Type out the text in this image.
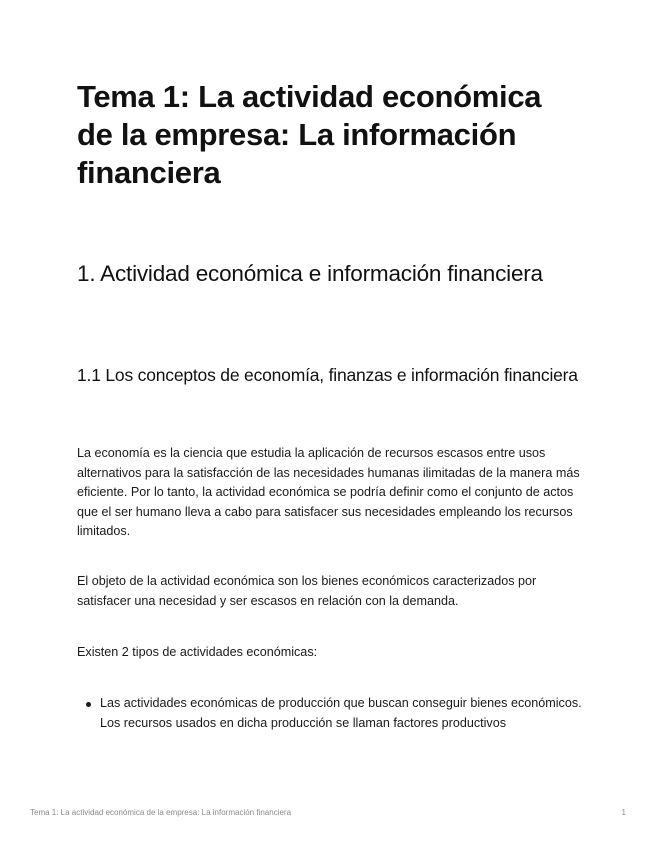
Tema 1: La actividad económica de la empresa: La información financiera
1. Actividad económica e información financiera
1.1 Los conceptos de economía, finanzas e información financiera

La economía es la ciencia que estudia la aplicación de recursos escasos entre usos alternativos para la satisfacción de las necesidades humanas ilimitadas de la manera más eficiente. Por lo tanto, la actividad económica se podría definir como el conjunto de actos que el ser humano lleva a cabo para satisfacer sus necesidades empleando los recursos limitados.

El objeto de la actividad económica son los bienes económicos caracterizados por satisfacer una necesidad y ser escasos en relación con la demanda.

Existen 2 tipos de actividades económicas:

Las actividades económicas de producción que buscan conseguir bienes económicos. Los recursos usados en dicha producción se llaman factores productivos
Tema 1: La actividad económica de la empresa: La información financiera	1
